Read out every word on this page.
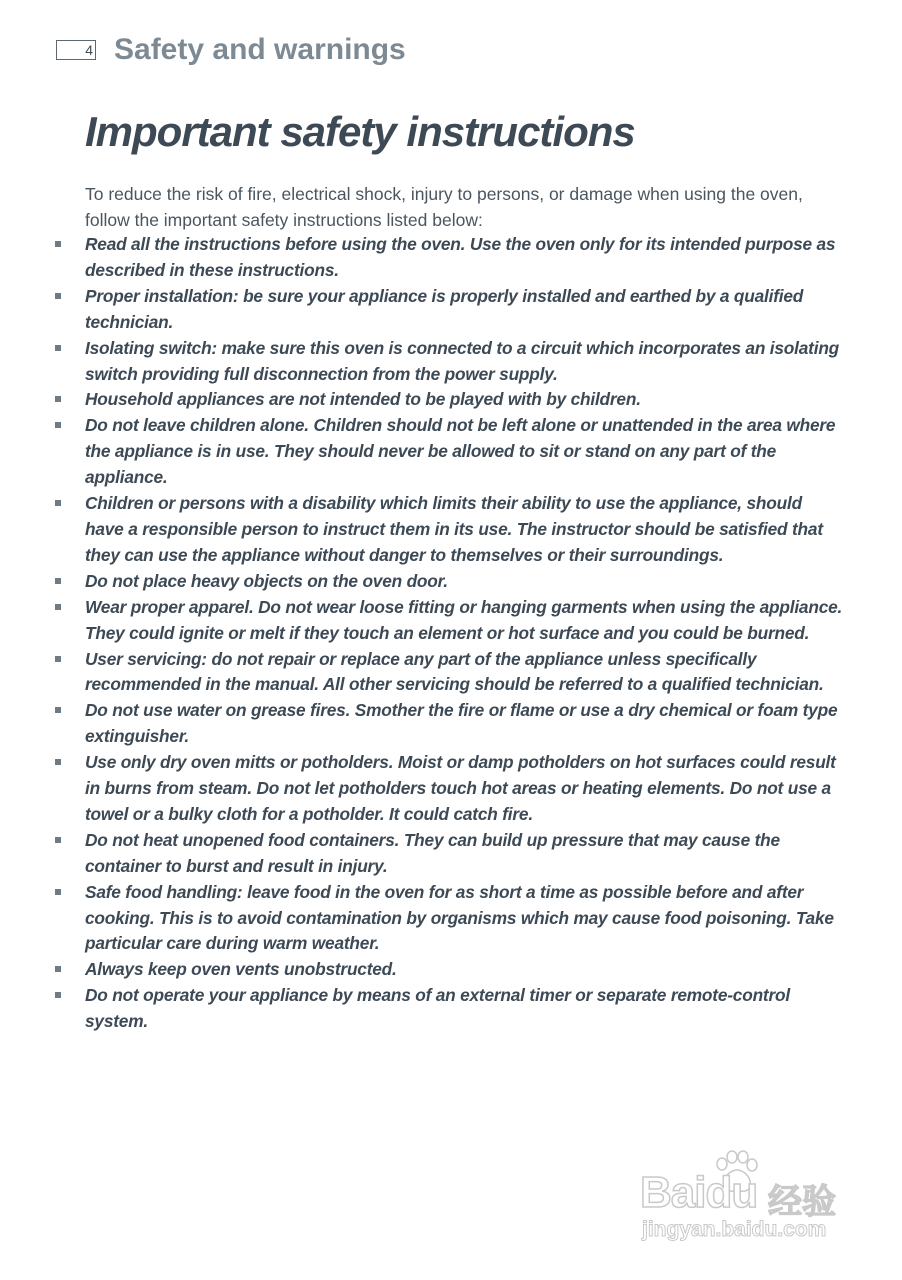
4 Safety and warnings
Important safety instructions

To reduce the risk of fire, electrical shock, injury to persons, or damage when using the oven, follow the important safety instructions listed below:

Read all the instructions before using the oven. Use the oven only for its intended purpose as described in these instructions.
Proper installation: be sure your appliance is properly installed and earthed by a qualified technician.
Isolating switch: make sure this oven is connected to a circuit which incorporates an isolating switch providing full disconnection from the power supply.
Household appliances are not intended to be played with by children.
Do not leave children alone. Children should not be left alone or unattended in the area where the appliance is in use. They should never be allowed to sit or stand on any part of the appliance.
Children or persons with a disability which limits their ability to use the appliance, should have a responsible person to instruct them in its use. The instructor should be satisfied that they can use the appliance without danger to themselves or their surroundings.
Do not place heavy objects on the oven door.
Wear proper apparel. Do not wear loose fitting or hanging garments when using the appliance. They could ignite or melt if they touch an element or hot surface and you could be burned.
User servicing: do not repair or replace any part of the appliance unless specifically recommended in the manual. All other servicing should be referred to a qualified technician.
Do not use water on grease fires. Smother the fire or flame or use a dry chemical or foam type extinguisher.
Use only dry oven mitts or potholders. Moist or damp potholders on hot surfaces could result in burns from steam. Do not let potholders touch hot areas or heating elements. Do not use a towel or a bulky cloth for a potholder. It could catch fire.
Do not heat unopened food containers. They can build up pressure that may cause the container to burst and result in injury.
Safe food handling: leave food in the oven for as short a time as possible before and after cooking. This is to avoid contamination by organisms which may cause food poisoning. Take particular care during warm weather.
Always keep oven vents unobstructed.
Do not operate your appliance by means of an external timer or separate remote-control system.
Baidu 经验
jingyan.baidu.com
